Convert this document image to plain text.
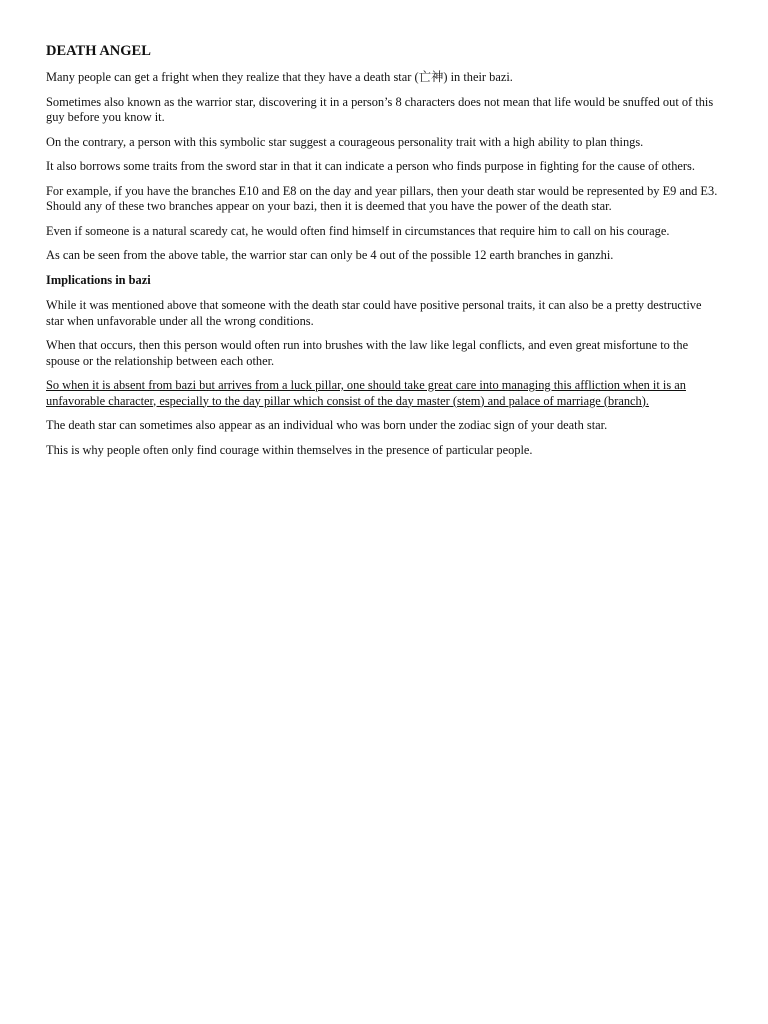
DEATH ANGEL

Many people can get a fright when they realize that they have a death star (亡神) in their bazi.

Sometimes also known as the warrior star, discovering it in a person’s 8 characters does not mean that life would be snuffed out of this guy before you know it.

On the contrary, a person with this symbolic star suggest a courageous personality trait with a high ability to plan things.

It also borrows some traits from the sword star in that it can indicate a person who finds purpose in fighting for the cause of others.

For example, if you have the branches E10 and E8 on the day and year pillars, then your death star would be represented by E9 and E3. Should any of these two branches appear on your bazi, then it is deemed that you have the power of the death star.

Even if someone is a natural scaredy cat, he would often find himself in circumstances that require him to call on his courage.

As can be seen from the above table, the warrior star can only be 4 out of the possible 12 earth branches in ganzhi.

Implications in bazi

While it was mentioned above that someone with the death star could have positive personal traits, it can also be a pretty destructive star when unfavorable under all the wrong conditions.

When that occurs, then this person would often run into brushes with the law like legal conflicts, and even great misfortune to the spouse or the relationship between each other.

So when it is absent from bazi but arrives from a luck pillar, one should take great care into managing this affliction when it is an unfavorable character, especially to the day pillar which consist of the day master (stem) and palace of marriage (branch).

The death star can sometimes also appear as an individual who was born under the zodiac sign of your death star.

This is why people often only find courage within themselves in the presence of particular people.
